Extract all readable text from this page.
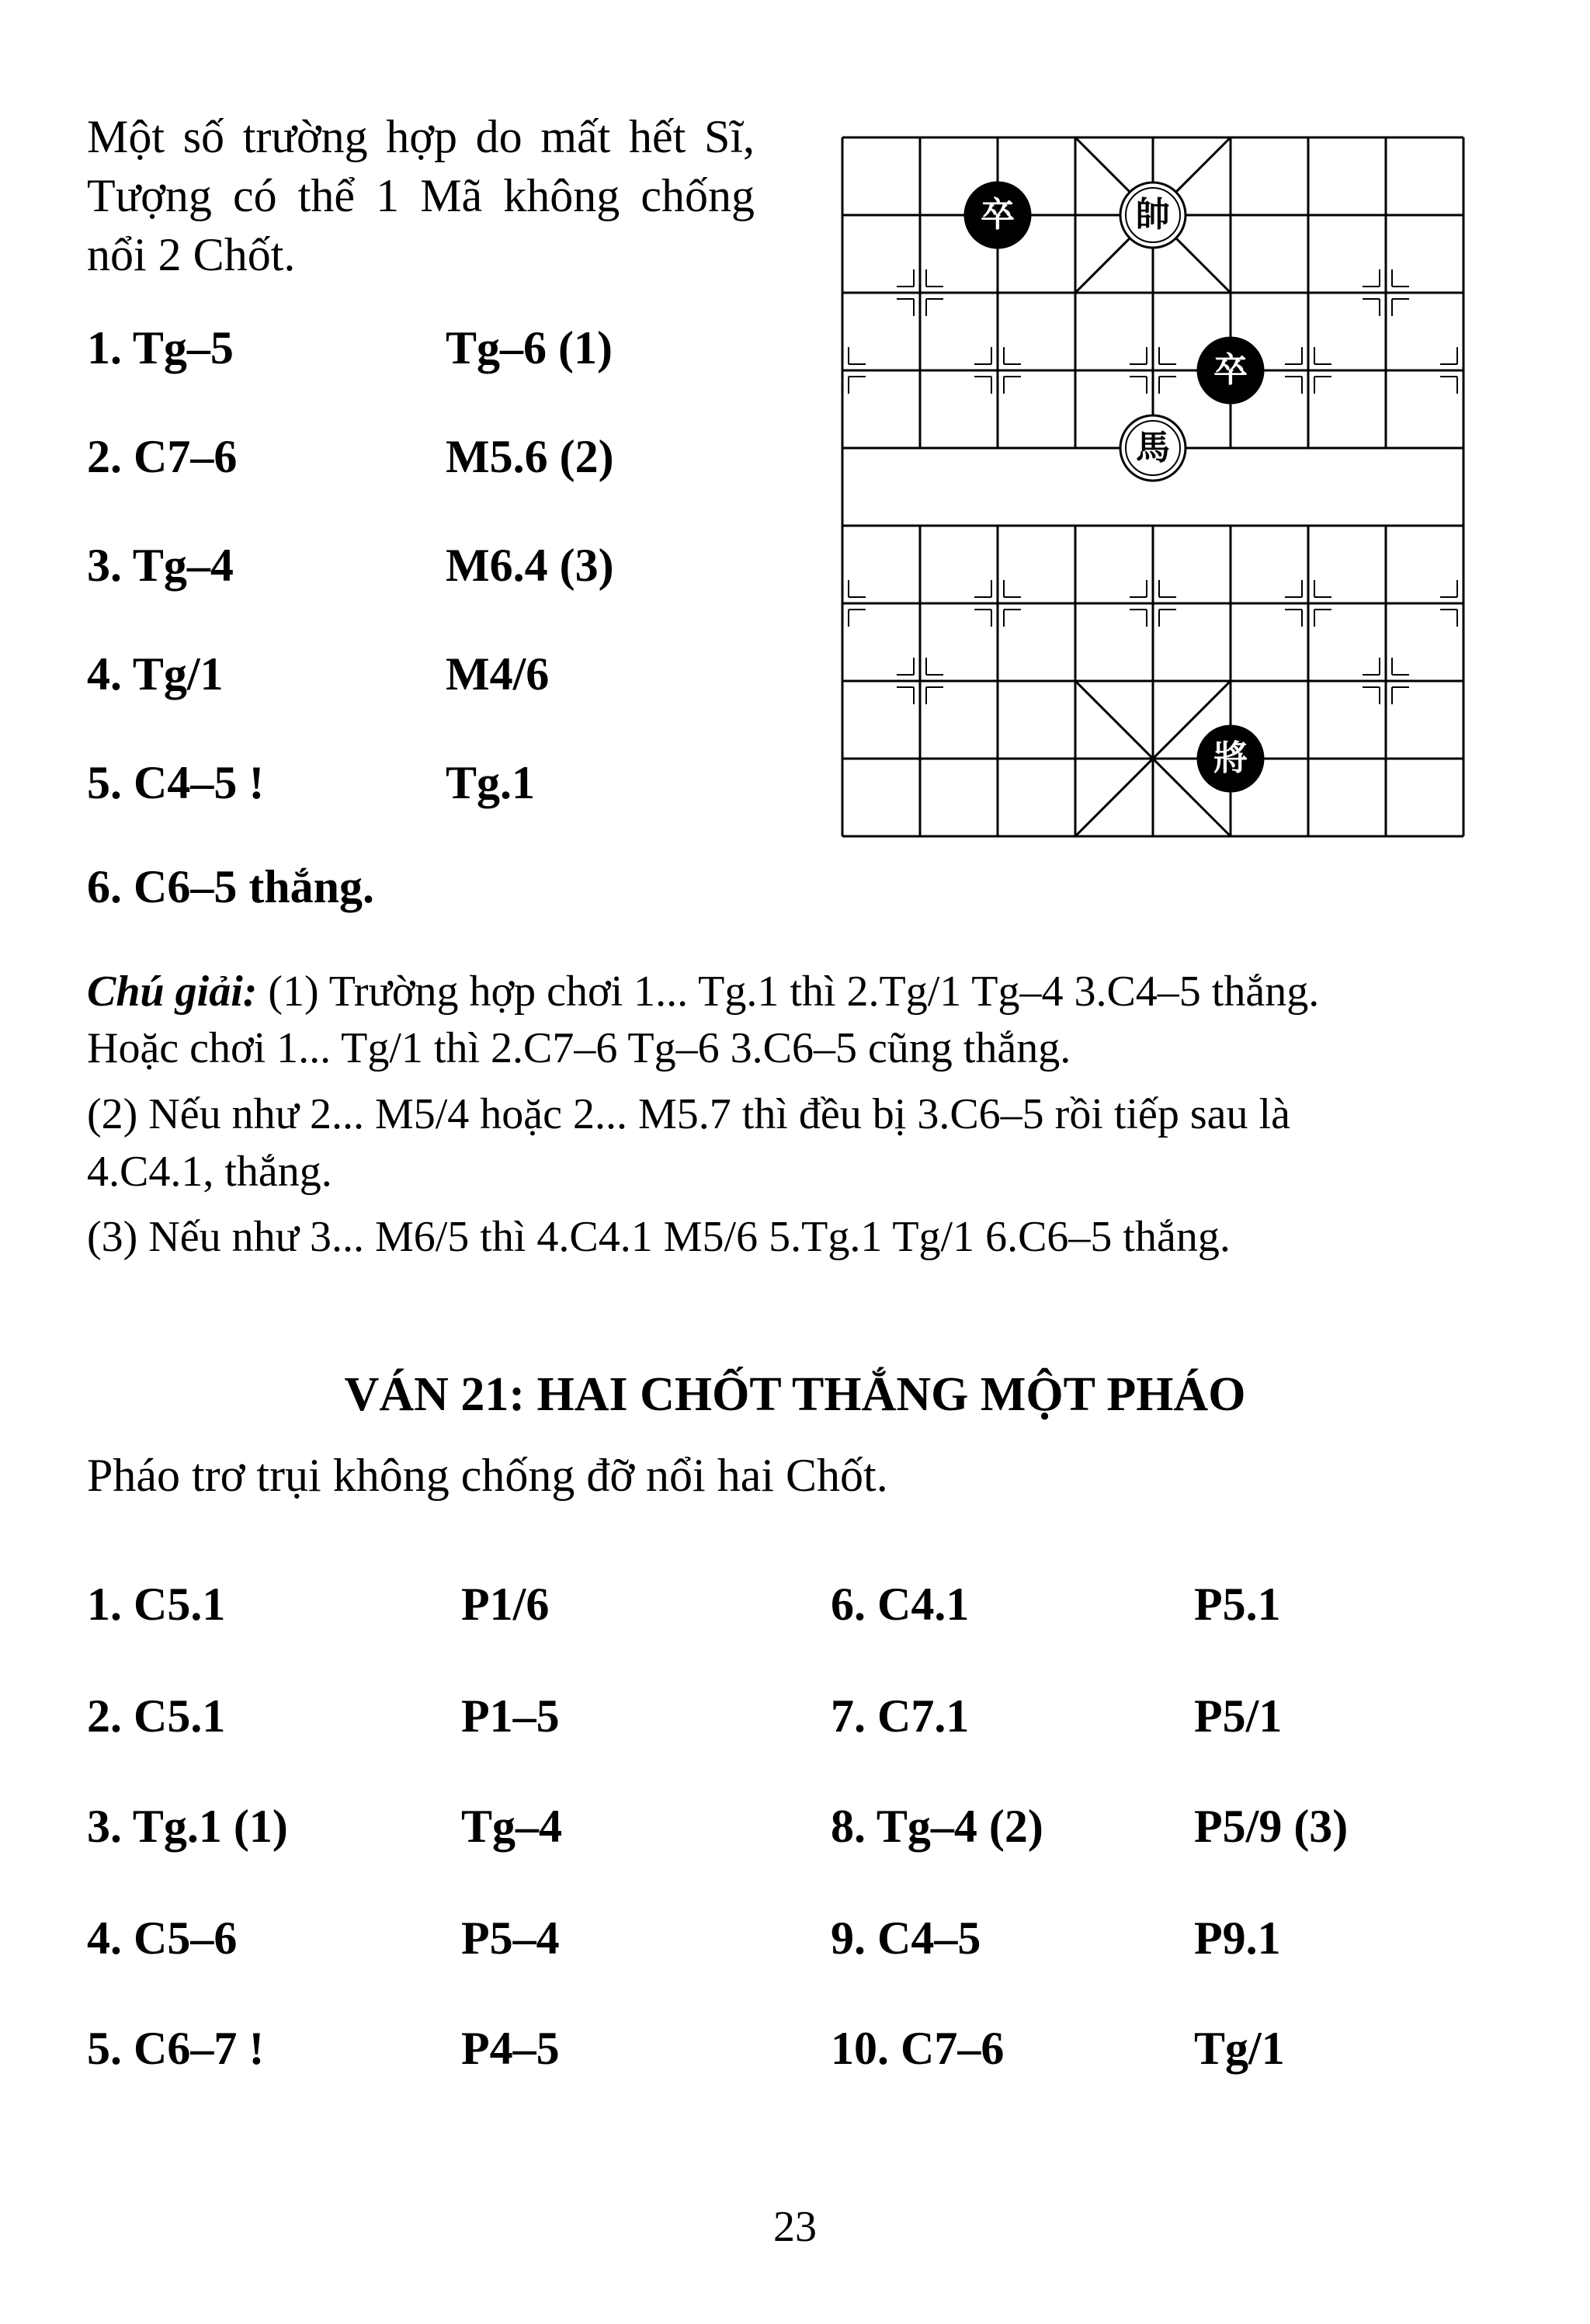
Một số trường hợp do mất hết Sĩ, Tượng có thể 1 Mã không chống nổi 2 Chốt.

1. Tg–5	Tg–6 (1)
2. C7–6	M5.6 (2)
3. Tg–4	M6.4 (3)
4. Tg/1	M4/6
5. C4–5 !	Tg.1
6. C6–5 thắng.
卒	帥
卒
馬
將

Chú giải: (1) Trường hợp chơi 1... Tg.1 thì 2.Tg/1 Tg–4 3.C4–5 thắng.

Hoặc chơi 1... Tg/1 thì 2.C7–6 Tg–6 3.C6–5 cũng thắng.

(2) Nếu như 2... M5/4 hoặc 2... M5.7 thì đều bị 3.C6–5 rồi tiếp sau là

4.C4.1, thắng.

(3) Nếu như 3... M6/5 thì 4.C4.1 M5/6 5.Tg.1 Tg/1 6.C6–5 thắng.

VÁN 21: HAI CHỐT THẮNG MỘT PHÁO

Pháo trơ trụi không chống đỡ nổi hai Chốt.

1. C5.1	P1/6	6. C4.1	P5.1
2. C5.1	P1–5	7. C7.1	P5/1
3. Tg.1 (1)	Tg–4	8. Tg–4 (2)	P5/9 (3)
4. C5–6	P5–4	9. C4–5	P9.1
5. C6–7 !	P4–5	10. C7–6	Tg/1

23
